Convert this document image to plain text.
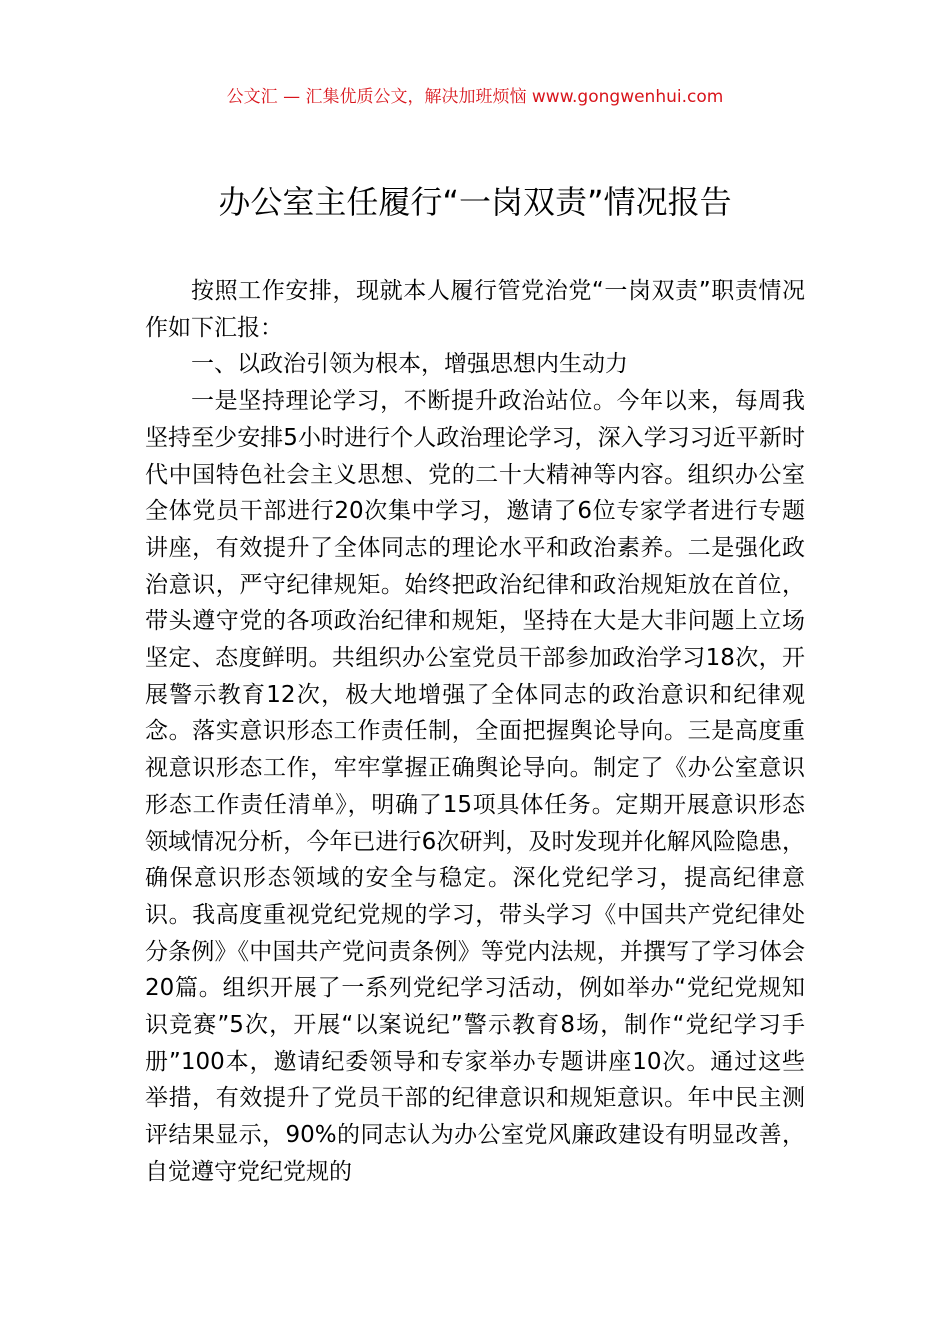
公文汇 — 汇集优质公文，解决加班烦恼 www.gongwenhui.com
办公室主任履行“一岗双责”情况报告

按照工作安排，现就本人履行管党治党“一岗双责”职责情况作如下汇报：

一、以政治引领为根本，增强思想内生动力

一是坚持理论学习，不断提升政治站位。今年以来，每周我坚持至少安排5小时进行个人政治理论学习，深入学习习近平新时代中国特色社会主义思想、党的二十大精神等内容。组织办公室全体党员干部进行20次集中学习，邀请了6位专家学者进行专题讲座，有效提升了全体同志的理论水平和政治素养。二是强化政治意识，严守纪律规矩。始终把政治纪律和政治规矩放在首位，带头遵守党的各项政治纪律和规矩，坚持在大是大非问题上立场坚定、态度鲜明。共组织办公室党员干部参加政治学习18次，开展警示教育12次，极大地增强了全体同志的政治意识和纪律观念。落实意识形态工作责任制，全面把握舆论导向。三是高度重视意识形态工作，牢牢掌握正确舆论导向。制定了《办公室意识形态工作责任清单》，明确了15项具体任务。定期开展意识形态领域情况分析，今年已进行6次研判，及时发现并化解风险隐患，确保意识形态领域的安全与稳定。深化党纪学习，提高纪律意识。我高度重视党纪党规的学习，带头学习《中国共产党纪律处分条例》《中国共产党问责条例》等党内法规，并撰写了学习体会20篇。组织开展了一系列党纪学习活动，例如举办“党纪党规知识竞赛”5次，开展“以案说纪”警示教育8场，制作“党纪学习手册”100本，邀请纪委领导和专家举办专题讲座10次。通过这些举措，有效提升了党员干部的纪律意识和规矩意识。年中民主测评结果显示，90%的同志认为办公室党风廉政建设有明显改善，自觉遵守党纪党规的
